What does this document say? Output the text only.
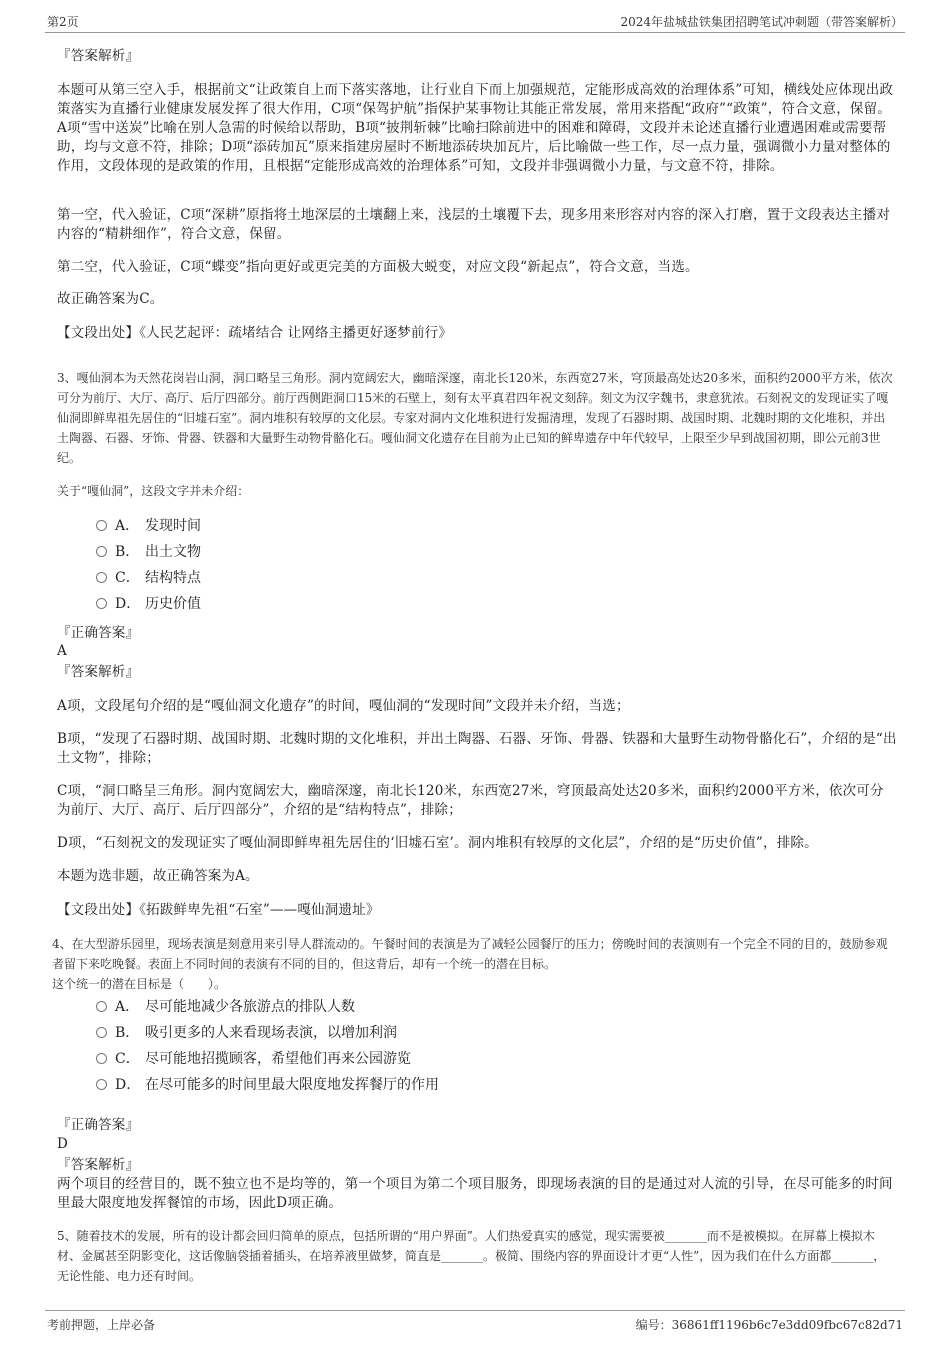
第2页	2024年盐城盐铁集团招聘笔试冲刺题（带答案解析）
『答案解析』
本题可从第三空入手，根据前文“让政策自上而下落实落地，让行业自下而上加强规范，定能形成高效的治理体系”可知，横线处应体现出政策落实为直播行业健康发展发挥了很大作用，C项“保驾护航”指保护某事物让其能正常发展，常用来搭配“政府”“政策”，符合文意，保留。A项“雪中送炭”比喻在别人急需的时候给以帮助，B项“披荆斩棘”比喻扫除前进中的困难和障碍，文段并未论述直播行业遭遇困难或需要帮助，均与文意不符，排除；D项“添砖加瓦”原来指建房屋时不断地添砖块加瓦片，后比喻做一些工作，尽一点力量，强调微小力量对整体的作用，文段体现的是政策的作用，且根据“定能形成高效的治理体系”可知，文段并非强调微小力量，与文意不符，排除。
第一空，代入验证，C项“深耕”原指将土地深层的土壤翻上来，浅层的土壤覆下去，现多用来形容对内容的深入打磨，置于文段表达主播对内容的“精耕细作”，符合文意，保留。
第二空，代入验证，C项“蝶变”指向更好或更完美的方面极大蜕变，对应文段“新起点”，符合文意，当选。
故正确答案为C。
【文段出处】《人民艺起评：疏堵结合 让网络主播更好逐梦前行》
3、嘎仙洞本为天然花岗岩山洞，洞口略呈三角形。洞内宽阔宏大，幽暗深邃，南北长120米，东西宽27米，穹顶最高处达20多米，面积约2000平方米，依次可分为前厅、大厅、高厅、后厅四部分。前厅西侧距洞口15米的石壁上，刻有太平真君四年祝文刻辞。刻文为汉字魏书，隶意犹浓。石刻祝文的发现证实了嘎仙洞即鲜卑祖先居住的“旧墟石室”。洞内堆积有较厚的文化层。专家对洞内文化堆积进行发掘清理，发现了石器时期、战国时期、北魏时期的文化堆积，并出土陶器、石器、牙饰、骨器、铁器和大量野生动物骨骼化石。嘎仙洞文化遗存在目前为止已知的鲜卑遗存中年代较早，上限至少早到战国初期，即公元前3世纪。
关于“嘎仙洞”，这段文字并未介绍：
A． 发现时间
B． 出土文物
C． 结构特点
D． 历史价值
『正确答案』
A
『答案解析』
A项，文段尾句介绍的是“嘎仙洞文化遗存”的时间，嘎仙洞的“发现时间”文段并未介绍，当选；
B项，“发现了石器时期、战国时期、北魏时期的文化堆积，并出土陶器、石器、牙饰、骨器、铁器和大量野生动物骨骼化石”，介绍的是“出土文物”，排除；
C项，“洞口略呈三角形。洞内宽阔宏大，幽暗深邃，南北长120米，东西宽27米，穹顶最高处达20多米，面积约2000平方米，依次可分为前厅、大厅、高厅、后厅四部分”，介绍的是“结构特点”，排除；
D项，“石刻祝文的发现证实了嘎仙洞即鲜卑祖先居住的‘旧墟石室’。洞内堆积有较厚的文化层”，介绍的是“历史价值”，排除。
本题为选非题，故正确答案为A。
【文段出处】《拓跋鲜卑先祖“石室”——嘎仙洞遗址》
4、在大型游乐园里，现场表演是刻意用来引导人群流动的。午餐时间的表演是为了减轻公园餐厅的压力；傍晚时间的表演则有一个完全不同的目的，鼓励参观者留下来吃晚餐。表面上不同时间的表演有不同的目的，但这背后，却有一个统一的潜在目标。
这个统一的潜在目标是（　　）。
A． 尽可能地减少各旅游点的排队人数
B． 吸引更多的人来看现场表演，以增加利润
C． 尽可能地招揽顾客，希望他们再来公园游览
D． 在尽可能多的时间里最大限度地发挥餐厅的作用
『正确答案』
D
『答案解析』
两个项目的经营目的，既不独立也不是均等的，第一个项目为第二个项目服务，即现场表演的目的是通过对人流的引导，在尽可能多的时间里最大限度地发挥餐馆的市场，因此D项正确。
5、随着技术的发展，所有的设计都会回归简单的原点，包括所谓的“用户界面”。人们热爱真实的感觉，现实需要被_______而不是被模拟。在屏幕上模拟木材、金属甚至阴影变化，这话像脑袋插着插头，在培养液里做梦，简直是_______。极简、围绕内容的界面设计才更“人性”，因为我们在什么方面都_______，无论性能、电力还有时间。
考前押题，上岸必备	编号：36861ff1196b6c7e3dd09fbc67c82d71
